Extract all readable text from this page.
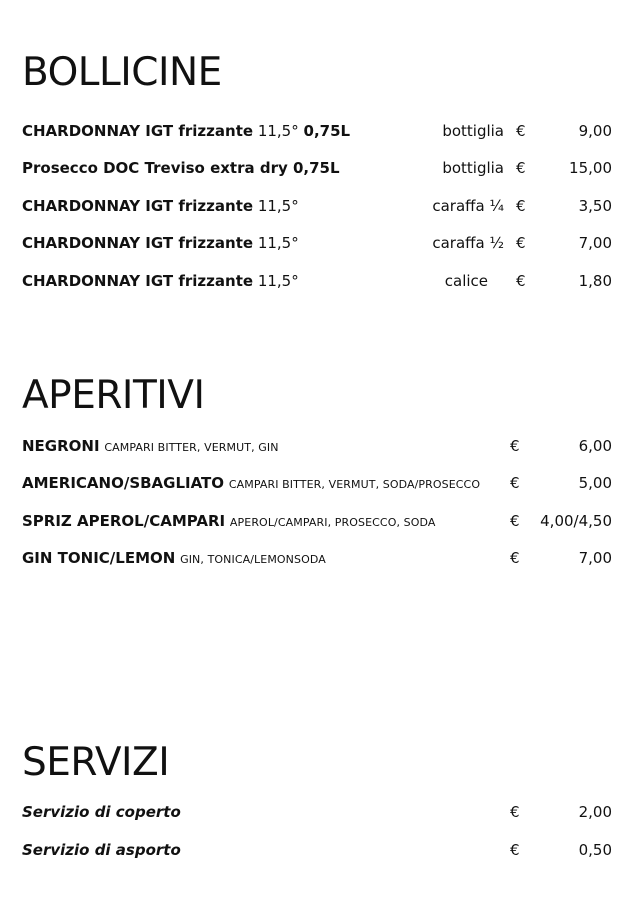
BOLLICINE
CHARDONNAY IGT frizzante 11,5° 0,75L	bottiglia €	9,00
Prosecco DOC Treviso extra dry 0,75L	bottiglia €	15,00
CHARDONNAY IGT frizzante 11,5°	caraffa ¼ €	3,50
CHARDONNAY IGT frizzante 11,5°	caraffa ½ €	7,00
CHARDONNAY IGT frizzante 11,5°	calice €	1,80
APERITIVI
NEGRONI CAMPARI BITTER, VERMUT, GIN	€	6,00
AMERICANO/SBAGLIATO CAMPARI BITTER, VERMUT, SODA/PROSECCO €	5,00
SPRIZ APEROL/CAMPARI APEROL/CAMPARI, PROSECCO, SODA	€ 4,00/4,50
GIN TONIC/LEMON GIN, TONICA/LEMONSODA	€	7,00
SERVIZI
Servizio di coperto	€	2,00
Servizio di asporto	€	0,50
